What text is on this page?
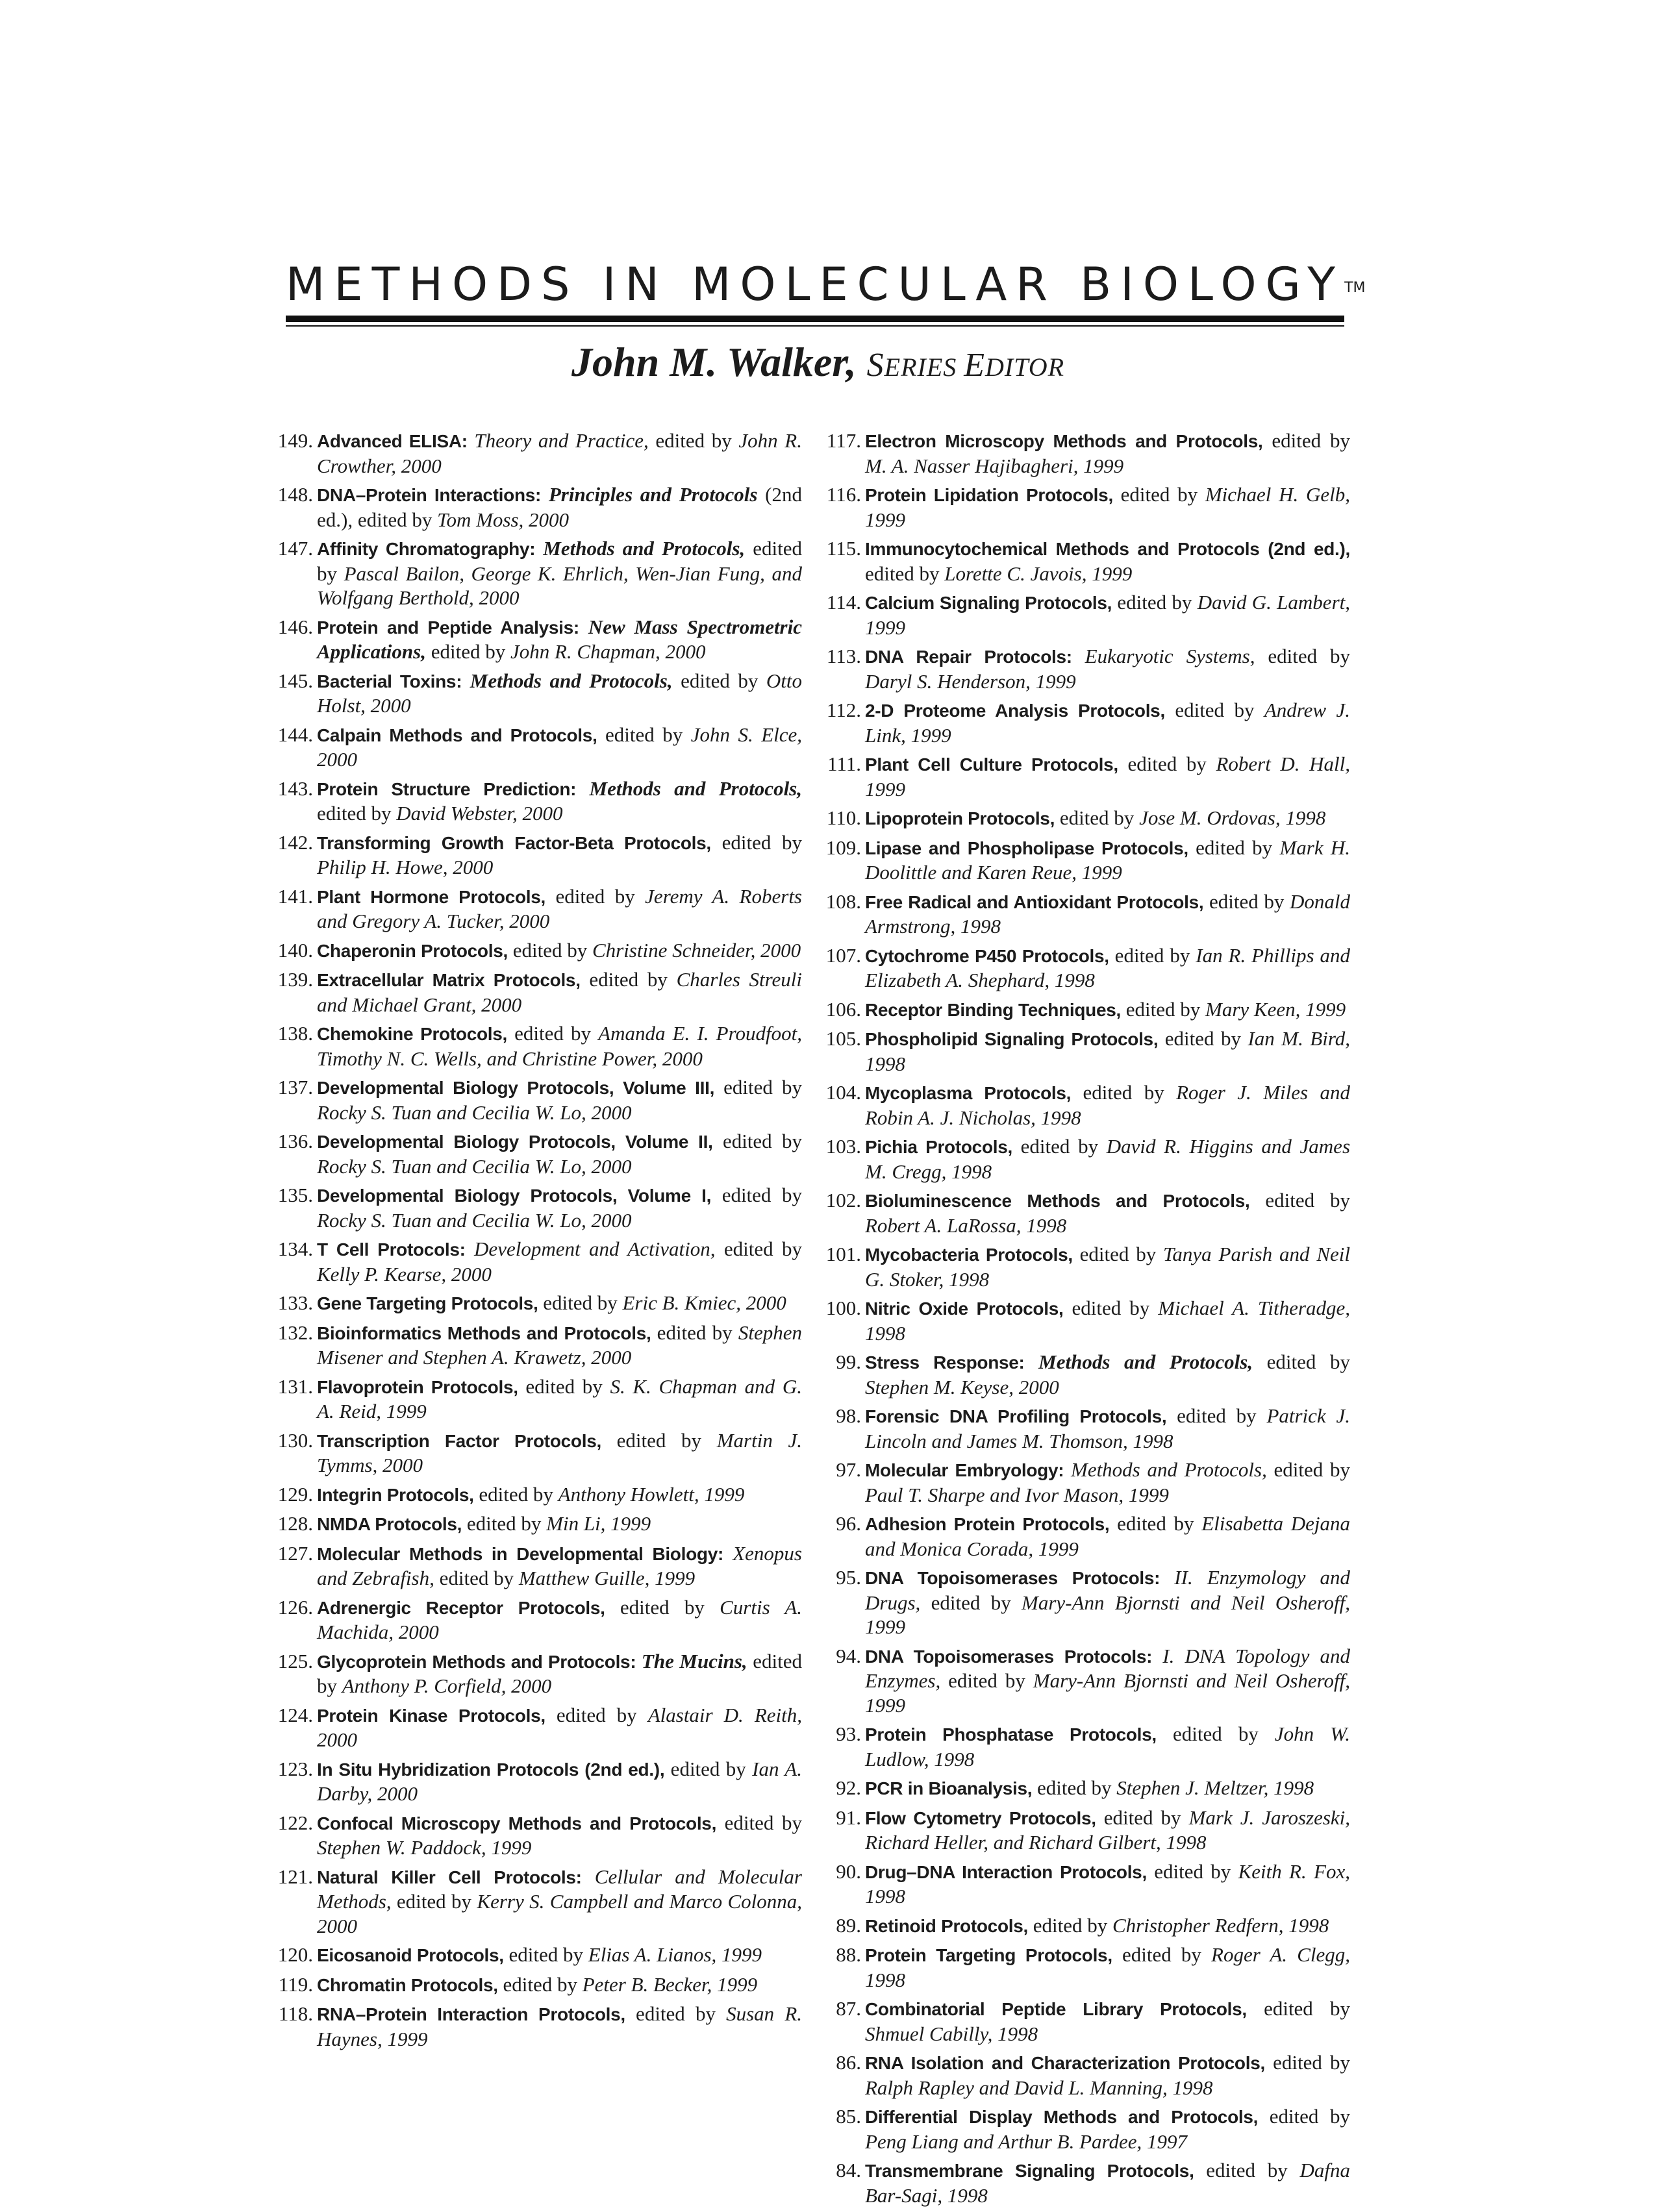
METHODS IN MOLECULAR BIOLOGY™
John M. Walker, SERIES EDITOR
149. Advanced ELISA: Theory and Practice, edited by John R. Crowther, 2000
148. DNA–Protein Interactions: Principles and Protocols (2nd ed.), edited by Tom Moss, 2000
147. Affinity Chromatography: Methods and Protocols, edited by Pascal Bailon, George K. Ehrlich, Wen-Jian Fung, and Wolfgang Berthold, 2000
146. Protein and Peptide Analysis: New Mass Spectrometric Applications, edited by John R. Chapman, 2000
145. Bacterial Toxins: Methods and Protocols, edited by Otto Holst, 2000
144. Calpain Methods and Protocols, edited by John S. Elce, 2000
143. Protein Structure Prediction: Methods and Protocols, edited by David Webster, 2000
142. Transforming Growth Factor-Beta Protocols, edited by Philip H. Howe, 2000
141. Plant Hormone Protocols, edited by Jeremy A. Roberts and Gregory A. Tucker, 2000
140. Chaperonin Protocols, edited by Christine Schneider, 2000
139. Extracellular Matrix Protocols, edited by Charles Streuli and Michael Grant, 2000
138. Chemokine Protocols, edited by Amanda E. I. Proudfoot, Timothy N. C. Wells, and Christine Power, 2000
137. Developmental Biology Protocols, Volume III, edited by Rocky S. Tuan and Cecilia W. Lo, 2000
136. Developmental Biology Protocols, Volume II, edited by Rocky S. Tuan and Cecilia W. Lo, 2000
135. Developmental Biology Protocols, Volume I, edited by Rocky S. Tuan and Cecilia W. Lo, 2000
134. T Cell Protocols: Development and Activation, edited by Kelly P. Kearse, 2000
133. Gene Targeting Protocols, edited by Eric B. Kmiec, 2000
132. Bioinformatics Methods and Protocols, edited by Stephen Misener and Stephen A. Krawetz, 2000
131. Flavoprotein Protocols, edited by S. K. Chapman and G. A. Reid, 1999
130. Transcription Factor Protocols, edited by Martin J. Tymms, 2000
129. Integrin Protocols, edited by Anthony Howlett, 1999
128. NMDA Protocols, edited by Min Li, 1999
127. Molecular Methods in Developmental Biology: Xenopus and Zebrafish, edited by Matthew Guille, 1999
126. Adrenergic Receptor Protocols, edited by Curtis A. Machida, 2000
125. Glycoprotein Methods and Protocols: The Mucins, edited by Anthony P. Corfield, 2000
124. Protein Kinase Protocols, edited by Alastair D. Reith, 2000
123. In Situ Hybridization Protocols (2nd ed.), edited by Ian A. Darby, 2000
122. Confocal Microscopy Methods and Protocols, edited by Stephen W. Paddock, 1999
121. Natural Killer Cell Protocols: Cellular and Molecular Methods, edited by Kerry S. Campbell and Marco Colonna, 2000
120. Eicosanoid Protocols, edited by Elias A. Lianos, 1999
119. Chromatin Protocols, edited by Peter B. Becker, 1999
118. RNA–Protein Interaction Protocols, edited by Susan R. Haynes, 1999
117. Electron Microscopy Methods and Protocols, edited by M. A. Nasser Hajibagheri, 1999
116. Protein Lipidation Protocols, edited by Michael H. Gelb, 1999
115. Immunocytochemical Methods and Protocols (2nd ed.), edited by Lorette C. Javois, 1999
114. Calcium Signaling Protocols, edited by David G. Lambert, 1999
113. DNA Repair Protocols: Eukaryotic Systems, edited by Daryl S. Henderson, 1999
112. 2-D Proteome Analysis Protocols, edited by Andrew J. Link, 1999
111. Plant Cell Culture Protocols, edited by Robert D. Hall, 1999
110. Lipoprotein Protocols, edited by Jose M. Ordovas, 1998
109. Lipase and Phospholipase Protocols, edited by Mark H. Doolittle and Karen Reue, 1999
108. Free Radical and Antioxidant Protocols, edited by Donald Armstrong, 1998
107. Cytochrome P450 Protocols, edited by Ian R. Phillips and Elizabeth A. Shephard, 1998
106. Receptor Binding Techniques, edited by Mary Keen, 1999
105. Phospholipid Signaling Protocols, edited by Ian M. Bird, 1998
104. Mycoplasma Protocols, edited by Roger J. Miles and Robin A. J. Nicholas, 1998
103. Pichia Protocols, edited by David R. Higgins and James M. Cregg, 1998
102. Bioluminescence Methods and Protocols, edited by Robert A. LaRossa, 1998
101. Mycobacteria Protocols, edited by Tanya Parish and Neil G. Stoker, 1998
100. Nitric Oxide Protocols, edited by Michael A. Titheradge, 1998
99. Stress Response: Methods and Protocols, edited by Stephen M. Keyse, 2000
98. Forensic DNA Profiling Protocols, edited by Patrick J. Lincoln and James M. Thomson, 1998
97. Molecular Embryology: Methods and Protocols, edited by Paul T. Sharpe and Ivor Mason, 1999
96. Adhesion Protein Protocols, edited by Elisabetta Dejana and Monica Corada, 1999
95. DNA Topoisomerases Protocols: II. Enzymology and Drugs, edited by Mary-Ann Bjornsti and Neil Osheroff, 1999
94. DNA Topoisomerases Protocols: I. DNA Topology and Enzymes, edited by Mary-Ann Bjornsti and Neil Osheroff, 1999
93. Protein Phosphatase Protocols, edited by John W. Ludlow, 1998
92. PCR in Bioanalysis, edited by Stephen J. Meltzer, 1998
91. Flow Cytometry Protocols, edited by Mark J. Jaroszeski, Richard Heller, and Richard Gilbert, 1998
90. Drug–DNA Interaction Protocols, edited by Keith R. Fox, 1998
89. Retinoid Protocols, edited by Christopher Redfern, 1998
88. Protein Targeting Protocols, edited by Roger A. Clegg, 1998
87. Combinatorial Peptide Library Protocols, edited by Shmuel Cabilly, 1998
86. RNA Isolation and Characterization Protocols, edited by Ralph Rapley and David L. Manning, 1998
85. Differential Display Methods and Protocols, edited by Peng Liang and Arthur B. Pardee, 1997
84. Transmembrane Signaling Protocols, edited by Dafna Bar-Sagi, 1998
